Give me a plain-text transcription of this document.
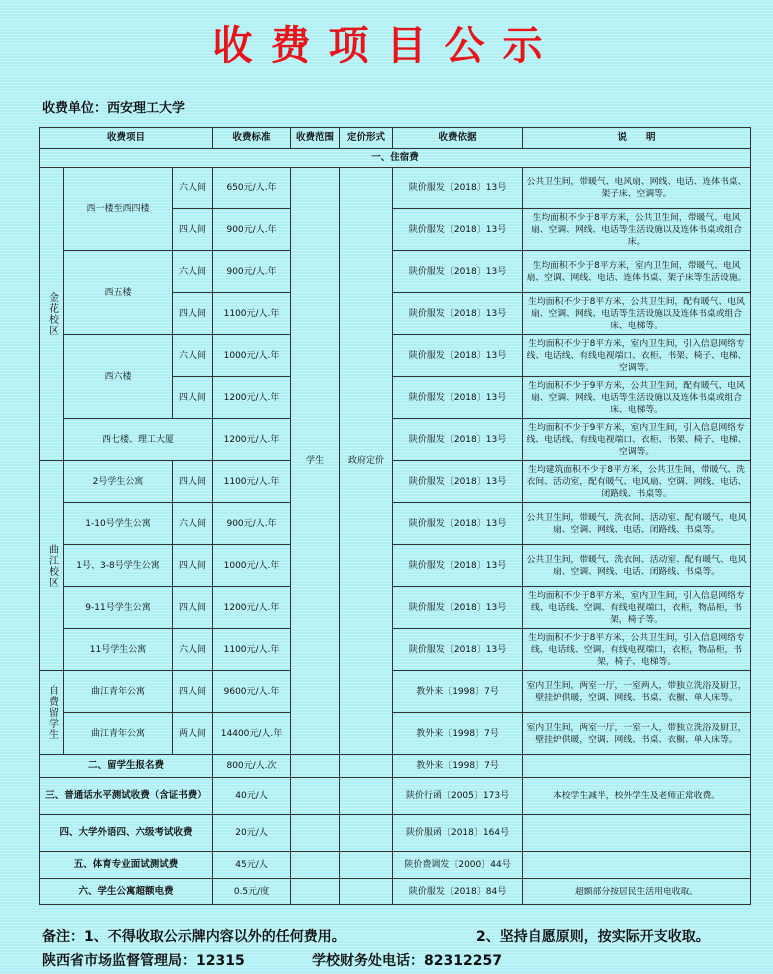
收费项目公示
收费单位：西安理工大学
收费项目			收费标准	收费范围	定价形式	收费依据	说　　明
一、住宿费							

金花校区	西一楼至西四楼	六人间	650元/人.年	学生	政府定价	陕价服发〔2018〕13号	公共卫生间，带暖气、电风扇、网线、电话、连体书桌、架子床、空调等。
		四人间	900元/人.年			陕价服发〔2018〕13号	生均面积不少于8平方米，公共卫生间，带暖气、电风扇、空调、网线、电话等生活设施以及连体书桌或组合床。
	西五楼	六人间	900元/人.年			陕价服发〔2018〕13号	生均面积不少于8平方米，室内卫生间，带暖气、电风扇、空调、网线、电话、连体书桌、架子床等生活设施。
		四人间	1100元/人.年			陕价服发〔2018〕13号	生均面积不少于8平方米，公共卫生间，配有暖气、电风扇、空调、网线、电话等生活设施以及连体书桌或组合床、电梯等。
	西六楼	六人间	1000元/人.年			陕价服发〔2018〕13号	生均面积不少于8平方米，室内卫生间，引入信息网络专线、电话线、有线电视端口、衣柜、书架、椅子、电梯、空调等。
		四人间	1200元/人.年			陕价服发〔2018〕13号	生均面积不少于9平方米，公共卫生间，配有暖气、电风扇、空调、网线、电话等生活设施以及连体书桌或组合床、电梯等。
	西七楼、理工大厦		1200元/人.年			陕价服发〔2018〕13号	生均面积不少于9平方米，室内卫生间，引入信息网络专线、电话线、有线电视端口、衣柜、书架、椅子、电梯、空调等。

曲江校区	2号学生公寓	四人间	1100元/人.年			陕价服发〔2018〕13号	生均建筑面积不少于8平方米，公共卫生间，带暖气、洗衣间、活动室，配有暖气、电风扇、空调、网线、电话、闭路线、书桌等。
	1-10号学生公寓	六人间	900元/人.年			陕价服发〔2018〕13号	公共卫生间，带暖气、洗衣间、活动室、配有暖气、电风扇、空调、网线、电话、闭路线、书桌等。
	1号、3-8号学生公寓	四人间	1000元/人.年			陕价服发〔2018〕13号	公共卫生间，带暖气、洗衣间、活动室、配有暖气、电风扇、空调、网线、电话、闭路线、书桌等。
	9-11号学生公寓	四人间	1200元/人.年			陕价服发〔2018〕13号	生均面积不少于8平方米，室内卫生间，引入信息网络专线、电话线、空调、有线电视端口，衣柜，物品柜，书架，椅子等。
	11号学生公寓	六人间	1100元/人.年			陕价服发〔2018〕13号	生均面积不少于8平方米，公共卫生间，引入信息网络专线、电话线、空调、有线电视端口，衣柜，物品柜，书架，椅子、电梯等。

自费留学生	曲江青年公寓	四人间	9600元/人.年			教外来〔1998〕7号	室内卫生间，两室一厅，一室两人，带独立洗浴及厨卫，壁挂炉供暖，空调、网线、书桌、衣橱、单人床等。
	曲江青年公寓	两人间	14400元/人.年			教外来〔1998〕7号	室内卫生间，两室一厅，一室一人，带独立洗浴及厨卫，壁挂炉供暖，空调、网线、书桌、衣橱、单人床等。
二、留学生报名费			800元/人.次			教外来〔1998〕7号	
三、普通话水平测试收费（含证书费）			40元/人			陕价行函〔2005〕173号	本校学生减半，校外学生及老师正常收费。
四、大学外语四、六级考试收费			20元/人			陕价服函〔2018〕164号	
五、体育专业面试测试费			45元/人			陕价费调发〔2000〕44号	
六、学生公寓超额电费			0.5元/度			陕价服发〔2018〕84号	超额部分按居民生活用电收取。
备注：1、不得收取公示牌内容以外的任何费用。	2、坚持自愿原则，按实际开支收取。
陕西省市场监督管理局：12315	学校财务处电话：82312257
